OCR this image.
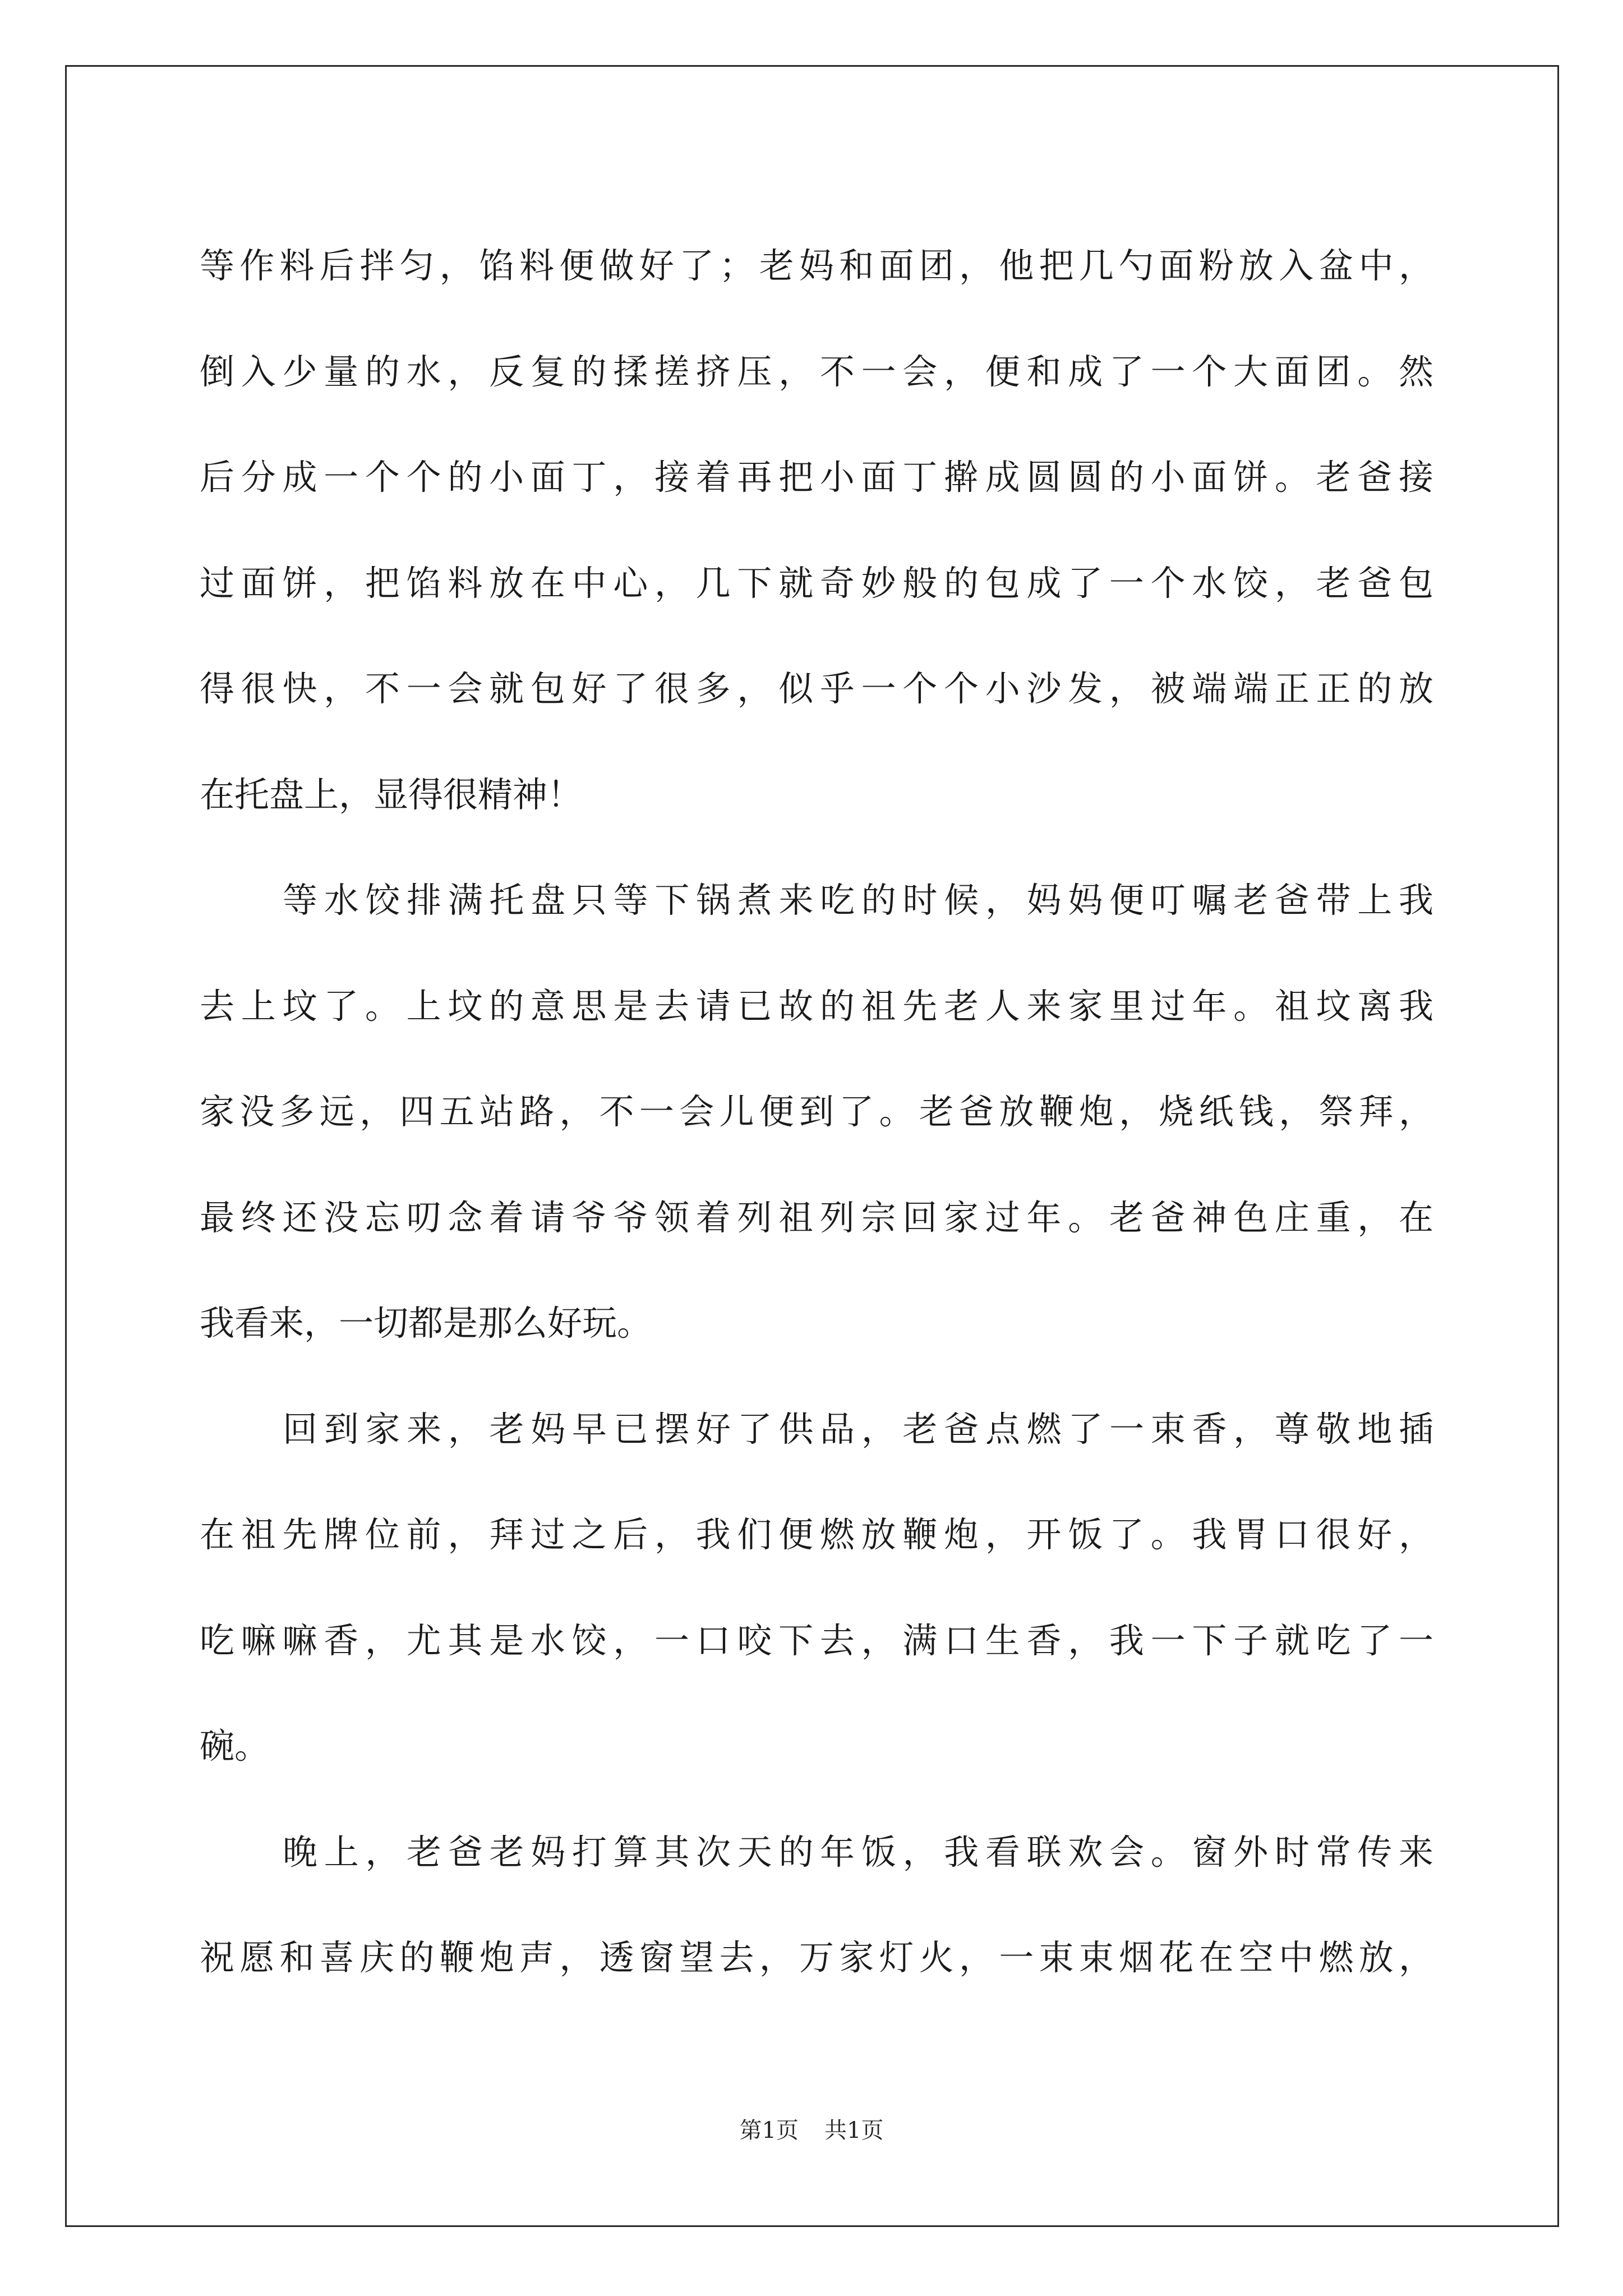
等作料后拌匀，馅料便做好了；老妈和面团，他把几勺面粉放入盆中，
倒入少量的水，反复的揉搓挤压，不一会，便和成了一个大面团。然
后分成一个个的小面丁，接着再把小面丁擀成圆圆的小面饼。老爸接
过面饼，把馅料放在中心，几下就奇妙般的包成了一个水饺，老爸包
得很快，不一会就包好了很多，似乎一个个小沙发，被端端正正的放
在托盘上，显得很精神！
等水饺排满托盘只等下锅煮来吃的时候，妈妈便叮嘱老爸带上我
去上坟了。上坟的意思是去请已故的祖先老人来家里过年。祖坟离我
家没多远，四五站路，不一会儿便到了。老爸放鞭炮，烧纸钱，祭拜，
最终还没忘叨念着请爷爷领着列祖列宗回家过年。老爸神色庄重，在
我看来，一切都是那么好玩。
回到家来，老妈早已摆好了供品，老爸点燃了一束香，尊敬地插
在祖先牌位前，拜过之后，我们便燃放鞭炮，开饭了。我胃口很好，
吃嘛嘛香，尤其是水饺，一口咬下去，满口生香，我一下子就吃了一
碗。
晚上，老爸老妈打算其次天的年饭，我看联欢会。窗外时常传来
祝愿和喜庆的鞭炮声，透窗望去，万家灯火，一束束烟花在空中燃放，
第1页 共1页
